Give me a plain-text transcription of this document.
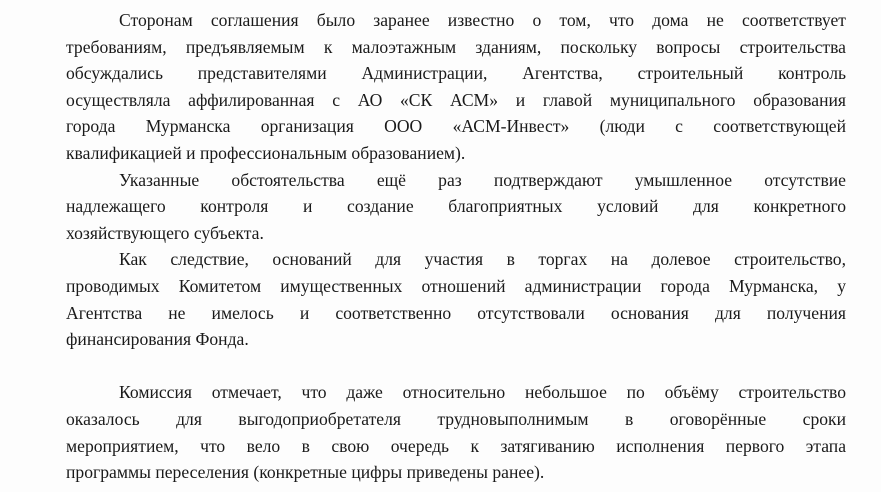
Сторонам соглашения было заранее известно о том, что дома не соответствует
требованиям, предъявляемым к малоэтажным зданиям, поскольку вопросы строительства
обсуждались представителями Администрации, Агентства, строительный контроль
осуществляла аффилированная с АО «СК АСМ» и главой муниципального образования
города Мурманска организация ООО «АСМ-Инвест» (люди с соответствующей
квалификацией и профессиональным образованием).

Указанные обстоятельства ещё раз подтверждают умышленное отсутствие
надлежащего контроля и создание благоприятных условий для конкретного
хозяйствующего субъекта.

Как следствие, оснований для участия в торгах на долевое строительство,
проводимых Комитетом имущественных отношений администрации города Мурманска, у
Агентства не имелось и соответственно отсутствовали основания для получения
финансирования Фонда.

Комиссия отмечает, что даже относительно небольшое по объёму строительство
оказалось для выгодоприобретателя трудновыполнимым в оговорённые сроки
мероприятием, что вело в свою очередь к затягиванию исполнения первого этапа
программы переселения (конкретные цифры приведены ранее).
